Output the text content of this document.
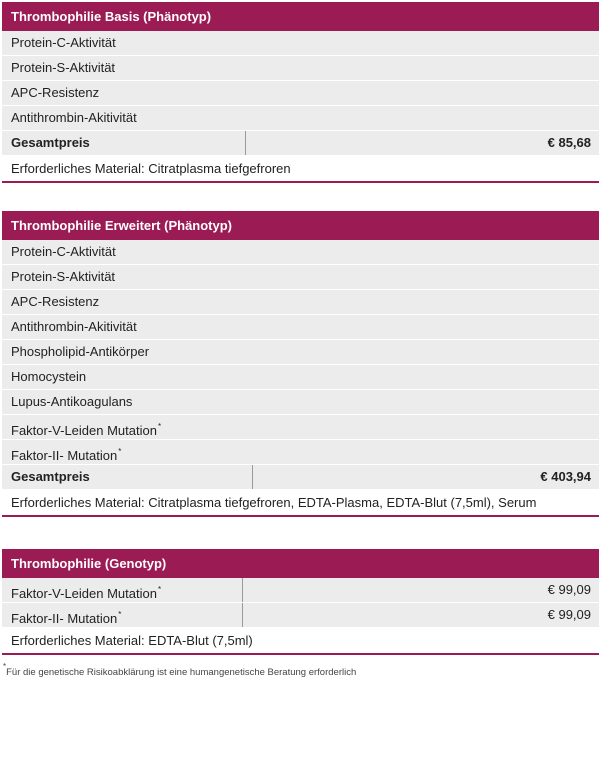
Thrombophilie Basis (Phänotyp)
Protein-C-Aktivität
Protein-S-Aktivität
APC-Resistenz
Antithrombin-Akitivität
Gesamtpreis	€ 85,68
Erforderliches Material: Citratplasma tiefgefroren
Thrombophilie Erweitert (Phänotyp)
Protein-C-Aktivität
Protein-S-Aktivität
APC-Resistenz
Antithrombin-Akitivität
Phospholipid-Antikörper
Homocystein
Lupus-Antikoagulans
Faktor-V-Leiden Mutation*
Faktor-II- Mutation*
Gesamtpreis	€ 403,94
Erforderliches Material: Citratplasma tiefgefroren, EDTA-Plasma, EDTA-Blut (7,5ml), Serum
Thrombophilie (Genotyp)
Faktor-V-Leiden Mutation*	€ 99,09
Faktor-II- Mutation*	€ 99,09
Erforderliches Material: EDTA-Blut (7,5ml)
*Für die genetische Risikoabklärung ist eine humangenetische Beratung erforderlich
